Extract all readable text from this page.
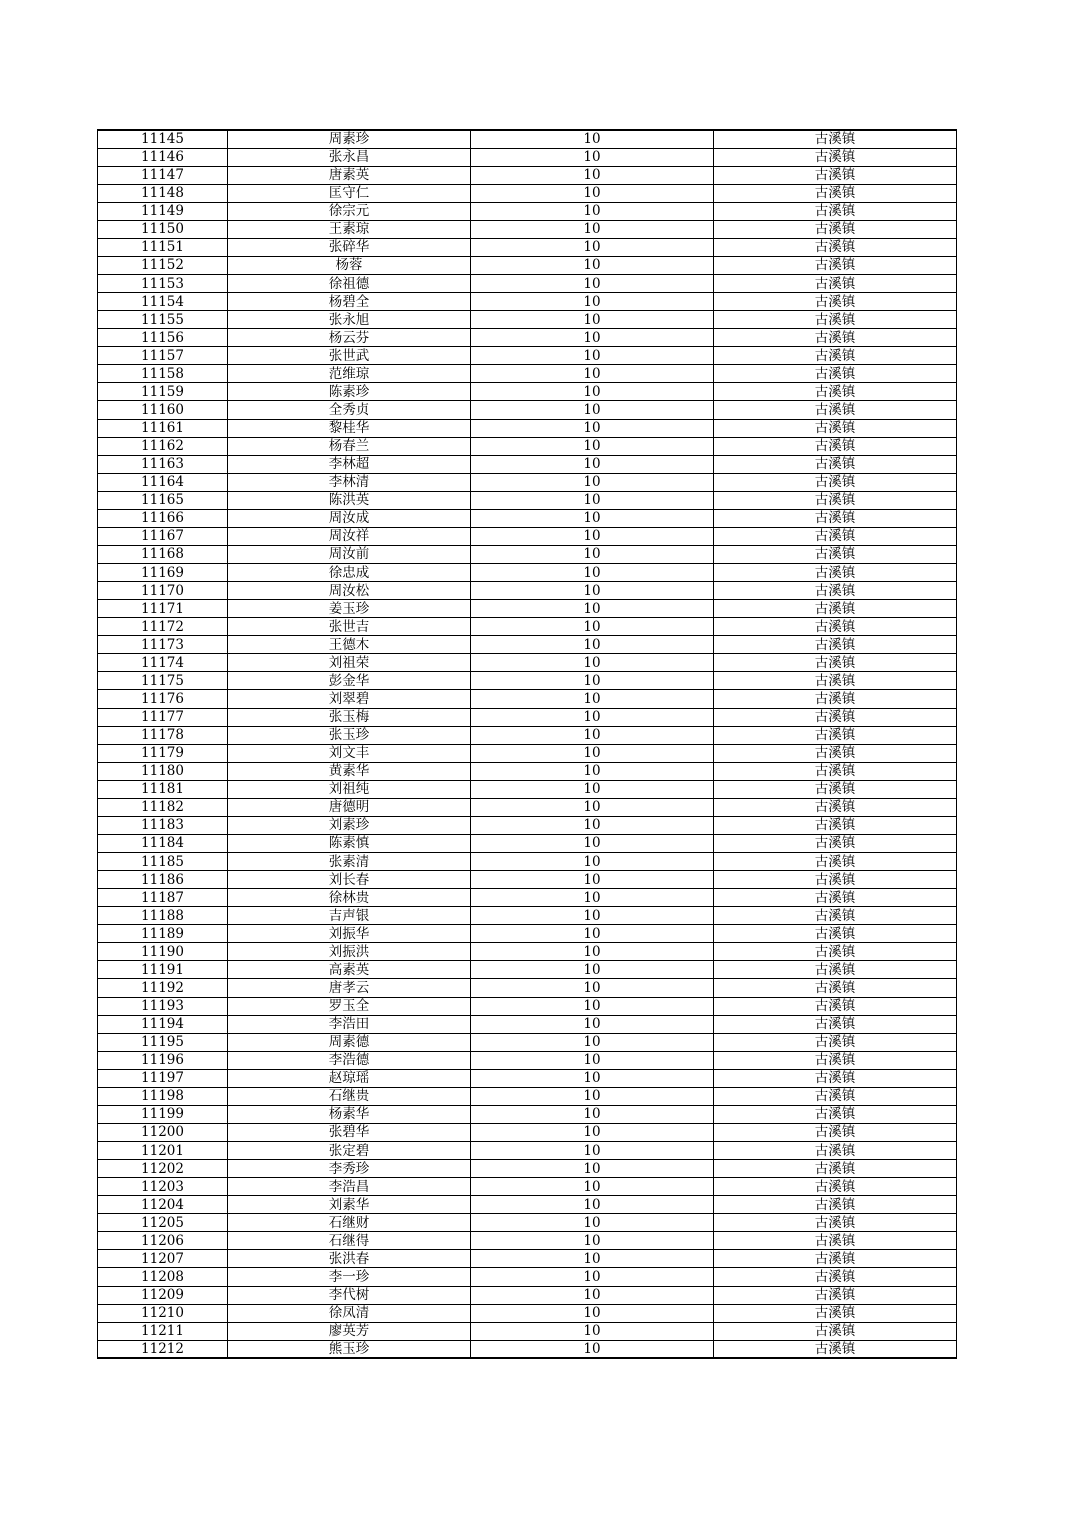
11145	周素珍	10	古溪镇
11146	张永昌	10	古溪镇
11147	唐素英	10	古溪镇
11148	匡守仁	10	古溪镇
11149	徐宗元	10	古溪镇
11150	王素琼	10	古溪镇
11151	张碎华	10	古溪镇
11152	杨蓉	10	古溪镇
11153	徐祖德	10	古溪镇
11154	杨碧全	10	古溪镇
11155	张永旭	10	古溪镇
11156	杨云芬	10	古溪镇
11157	张世武	10	古溪镇
11158	范维琼	10	古溪镇
11159	陈素珍	10	古溪镇
11160	全秀贞	10	古溪镇
11161	黎桂华	10	古溪镇
11162	杨春兰	10	古溪镇
11163	李林超	10	古溪镇
11164	李林清	10	古溪镇
11165	陈洪英	10	古溪镇
11166	周汝成	10	古溪镇
11167	周汝祥	10	古溪镇
11168	周汝前	10	古溪镇
11169	徐忠成	10	古溪镇
11170	周汝松	10	古溪镇
11171	姜玉珍	10	古溪镇
11172	张世吉	10	古溪镇
11173	王德木	10	古溪镇
11174	刘祖荣	10	古溪镇
11175	彭金华	10	古溪镇
11176	刘翠碧	10	古溪镇
11177	张玉梅	10	古溪镇
11178	张玉珍	10	古溪镇
11179	刘文丰	10	古溪镇
11180	黄素华	10	古溪镇
11181	刘祖纯	10	古溪镇
11182	唐德明	10	古溪镇
11183	刘素珍	10	古溪镇
11184	陈素慎	10	古溪镇
11185	张素清	10	古溪镇
11186	刘长春	10	古溪镇
11187	徐林贵	10	古溪镇
11188	吉声银	10	古溪镇
11189	刘振华	10	古溪镇
11190	刘振洪	10	古溪镇
11191	高素英	10	古溪镇
11192	唐孝云	10	古溪镇
11193	罗玉全	10	古溪镇
11194	李浩田	10	古溪镇
11195	周素德	10	古溪镇
11196	李浩德	10	古溪镇
11197	赵琼瑶	10	古溪镇
11198	石继贵	10	古溪镇
11199	杨素华	10	古溪镇
11200	张碧华	10	古溪镇
11201	张定碧	10	古溪镇
11202	李秀珍	10	古溪镇
11203	李浩昌	10	古溪镇
11204	刘素华	10	古溪镇
11205	石继财	10	古溪镇
11206	石继得	10	古溪镇
11207	张洪春	10	古溪镇
11208	李一珍	10	古溪镇
11209	李代树	10	古溪镇
11210	徐凤清	10	古溪镇
11211	廖英芳	10	古溪镇
11212	熊玉珍	10	古溪镇
